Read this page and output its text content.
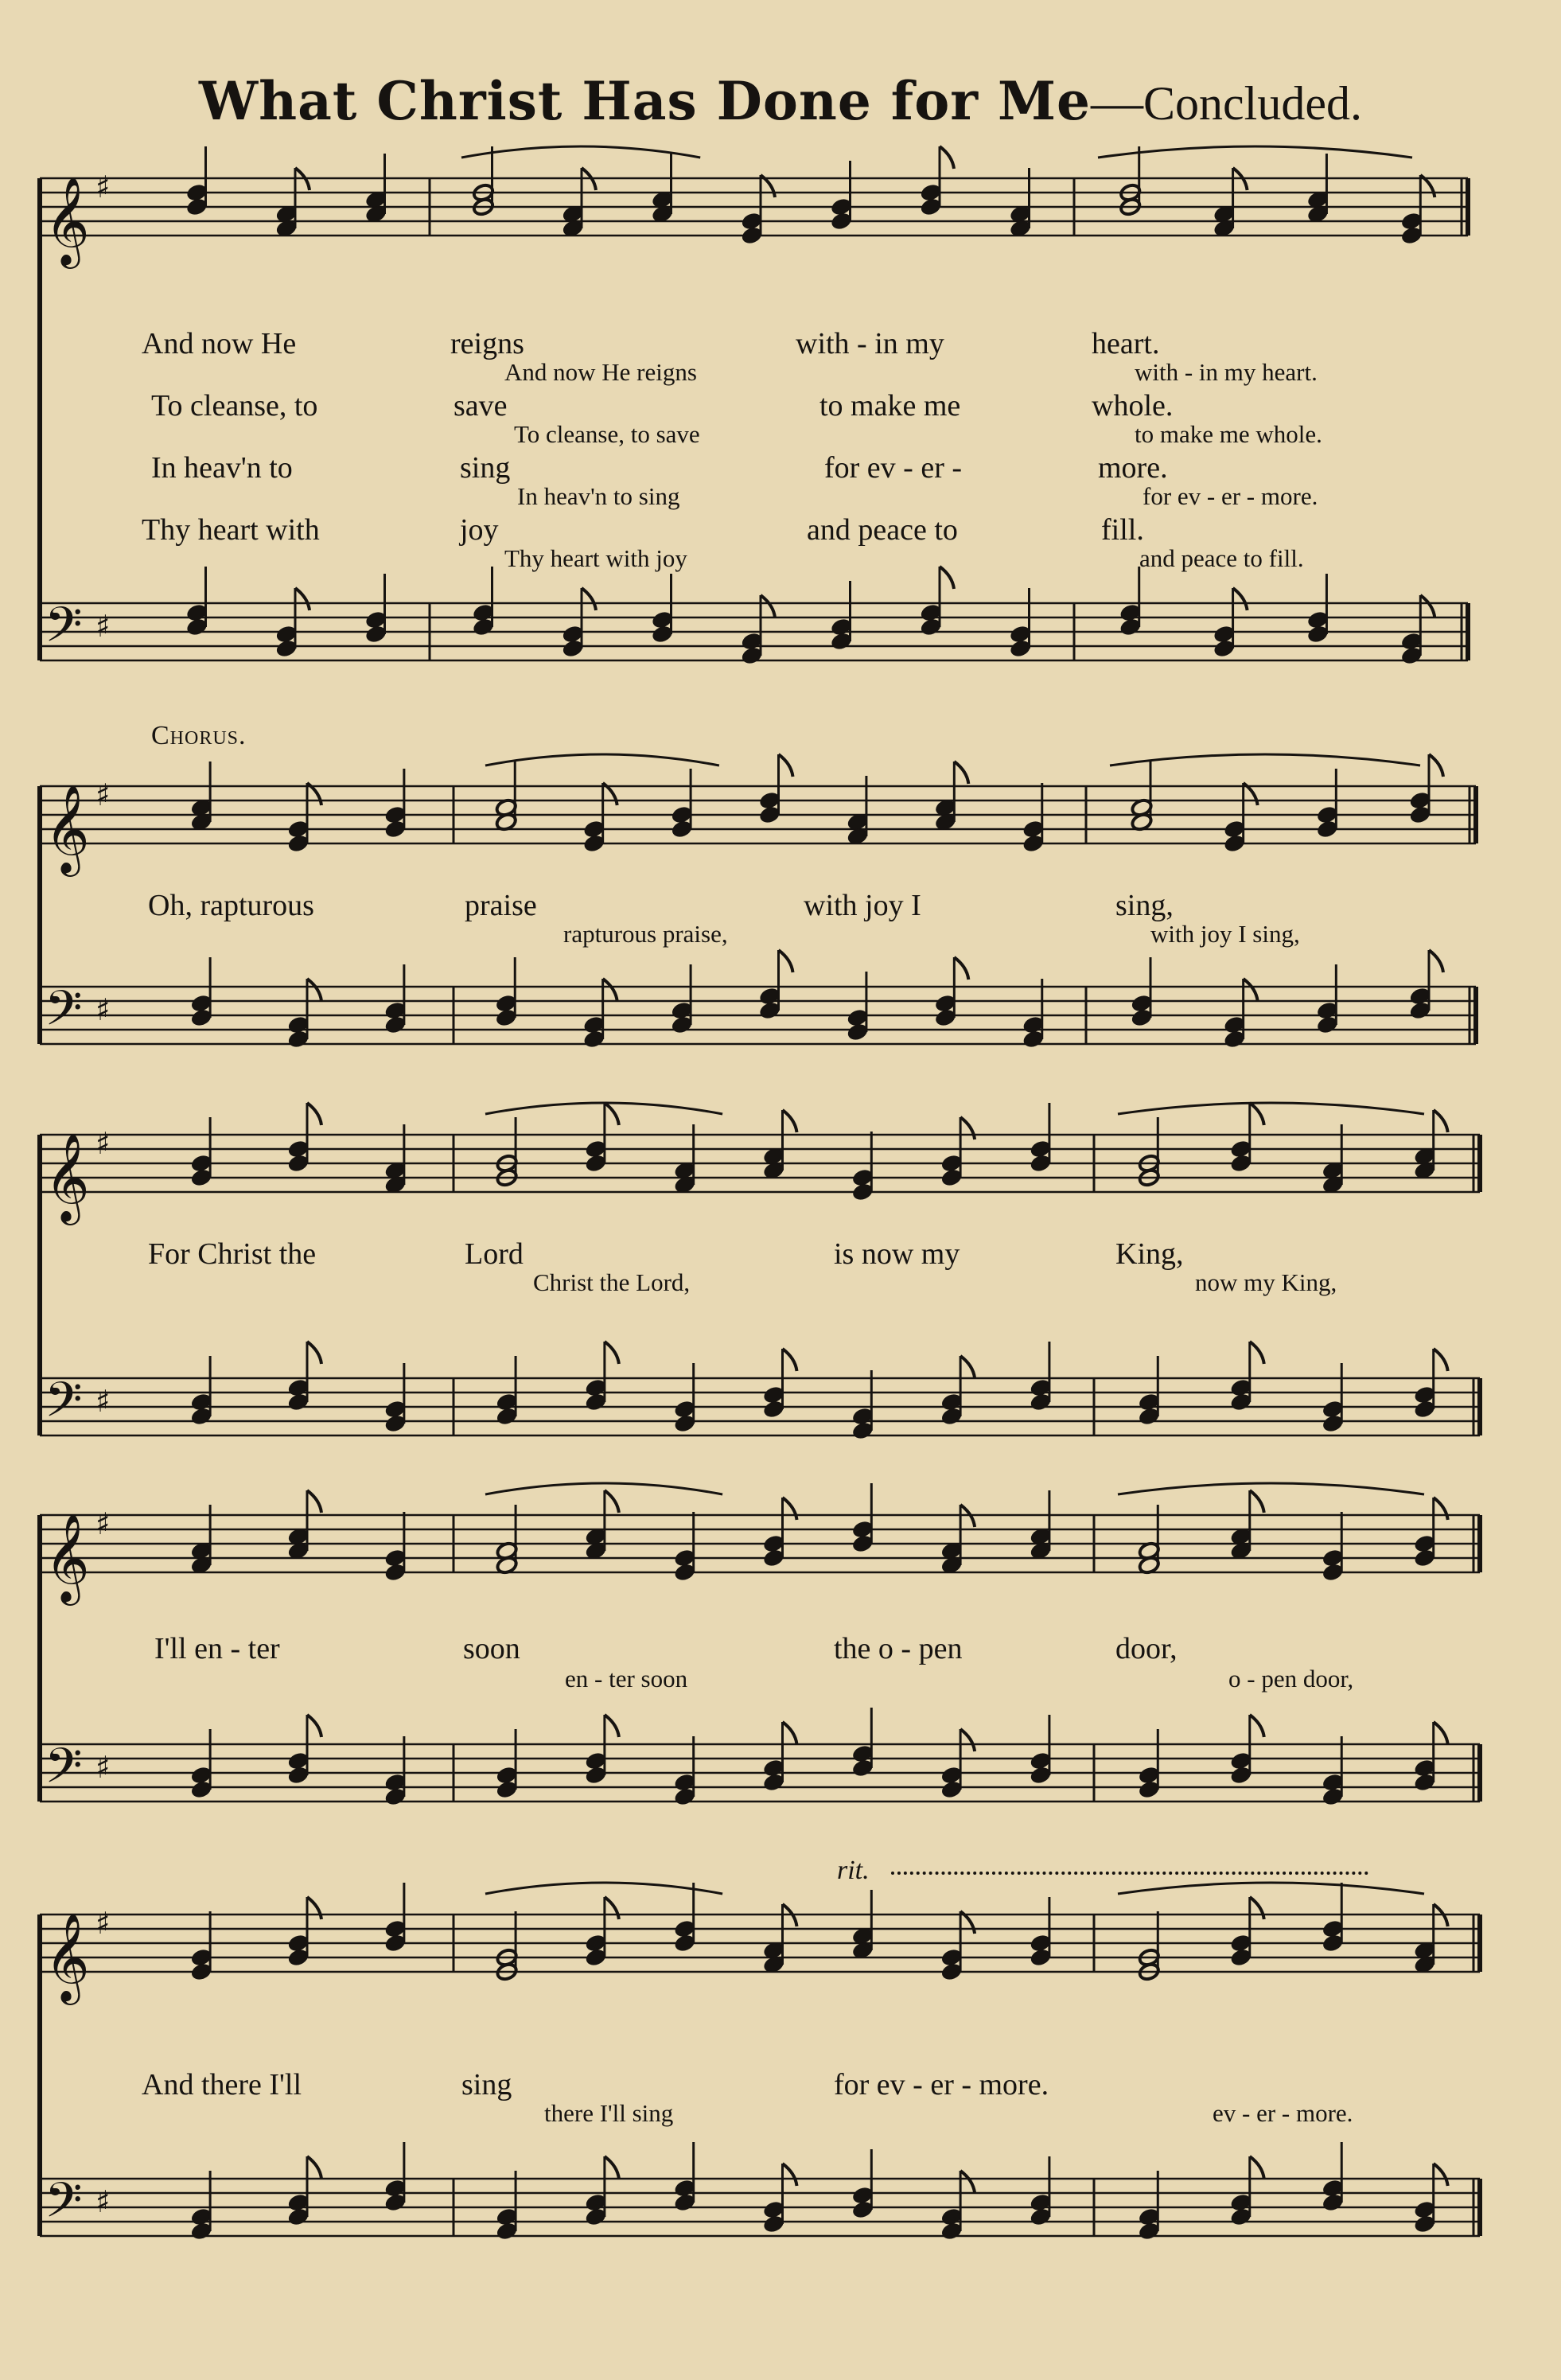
What Christ Has Done for Me—Concluded.
𝄞 ♯
𝄢 ♯
𝄞 ♯
𝄢 ♯
𝄞 ♯
𝄢 ♯
𝄞 ♯
𝄢 ♯
𝄞 ♯
𝄢 ♯
And now He	reigns	with - in my	heart.
And now He reigns	with - in my heart.
To cleanse, to	save	to make me	whole.
To cleanse, to save	to make me whole.
In heav'n to	sing	for ev - er -	more.
In heav'n to sing	for ev - er - more.
Thy heart with	joy	and peace to	fill.
Thy heart with joy	and peace to fill.
Chorus.
Oh, rapturous	praise	with joy I	sing,
rapturous praise,	with joy I sing,
For Christ the	Lord	is now my	King,
Christ the Lord,	now my King,
I'll en - ter	soon	the o - pen	door,
en - ter soon	o - pen door,
rit.
And there I'll	sing	for ev - er - more.
there I'll sing	ev - er - more.
